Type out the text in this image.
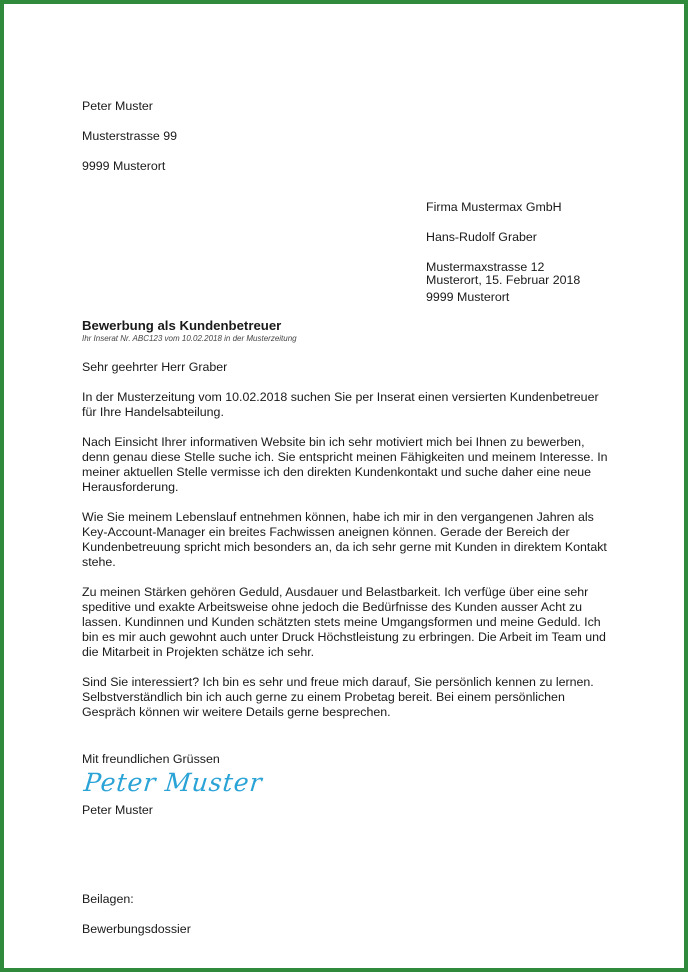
Peter Muster

Musterstrasse 99

9999 Musterort

Firma Mustermax GmbH

Hans-Rudolf Graber

Mustermaxstrasse 12

9999 Musterort

Musterort, 15. Februar 2018
Bewerbung als Kundenbetreuer
Ihr Inserat Nr. ABC123 vom 10.02.2018 in der Musterzeitung
Sehr geehrter Herr Graber

In der Musterzeitung vom 10.02.2018 suchen Sie per Inserat einen versierten Kundenbetreuer für Ihre Handelsabteilung.

Nach Einsicht Ihrer informativen Website bin ich sehr motiviert mich bei Ihnen zu bewerben, denn genau diese Stelle suche ich. Sie entspricht meinen Fähigkeiten und meinem Interesse. In meiner aktuellen Stelle vermisse ich den direkten Kundenkontakt und suche daher eine neue Herausforderung.

Wie Sie meinem Lebenslauf entnehmen können, habe ich mir in den vergangenen Jahren als Key-Account-Manager ein breites Fachwissen aneignen können. Gerade der Bereich der Kundenbetreuung spricht mich besonders an, da ich sehr gerne mit Kunden in direktem Kontakt stehe.

Zu meinen Stärken gehören Geduld, Ausdauer und Belastbarkeit. Ich verfüge über eine sehr speditive und exakte Arbeitsweise ohne jedoch die Bedürfnisse des Kunden ausser Acht zu lassen. Kundinnen und Kunden schätzten stets meine Umgangsformen und meine Geduld. Ich bin es mir auch gewohnt auch unter Druck Höchstleistung zu erbringen. Die Arbeit im Team und die Mitarbeit in Projekten schätze ich sehr.

Sind Sie interessiert? Ich bin es sehr und freue mich darauf, Sie persönlich kennen zu lernen. Selbstverständlich bin ich auch gerne zu einem Probetag bereit. Bei einem persönlichen Gespräch können wir weitere Details gerne besprechen.

Mit freundlichen Grüssen
Peter Muster
Peter Muster

Beilagen:

Bewerbungsdossier
